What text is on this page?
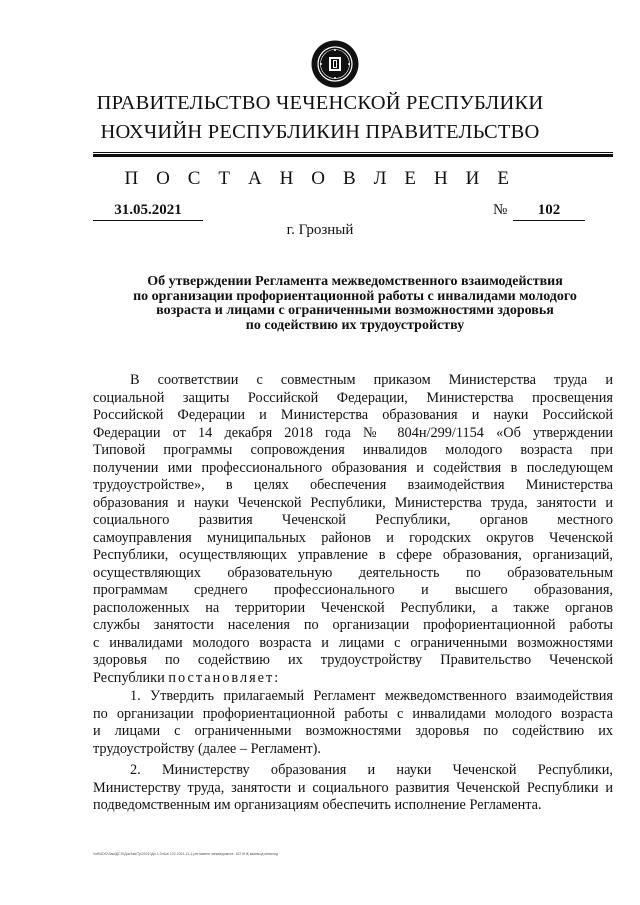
ПРАВИТЕЛЬСТВО ЧЕЧЕНСКОЙ РЕСПУБЛИКИ
НОХЧИЙН РЕСПУБЛИКИН ПРАВИТЕЛЬСТВО
П О С Т А Н О В Л Е Н И Е
31.05.2021	№	102
г. Грозный
Об утверждении Регламента межведомственного взаимодействия
по организации профориентационной работы с инвалидами молодого
возраста и лицами с ограниченными возможностями здоровья
по содействию их трудоустройству
В соответствии с совместным приказом Министерства труда и
социальной защиты Российской Федерации, Министерства просвещения
Российской Федерации и Министерства образования и науки Российской
Федерации от 14 декабря 2018 года № 804н/299/1154 «Об утверждении
Типовой программы сопровождения инвалидов молодого возраста при
получении ими профессионального образования и содействия в последующем
трудоустройстве», в целях обеспечения взаимодействия Министерства
образования и науки Чеченской Республики, Министерства труда, занятости и
социального развития Чеченской Республики, органов местного
самоуправления муниципальных районов и городских округов Чеченской
Республики, осуществляющих управление в сфере образования, организаций,
осуществляющих образовательную деятельность по образовательным
программам среднего профессионального и высшего образования,
расположенных на территории Чеченской Республики, а также органов
службы занятости населения по организации профориентационной работы
с инвалидами молодого возраста и лицами с ограниченными возможностями
здоровья по содействию их трудоустройству Правительство Чеченской
Республики постановляет:
1. Утвердить прилагаемый Регламент межведомственного взаимодействия
по организации профориентационной работы с инвалидами молодого возраста
и лицами с ограниченными возможностями здоровья по содействию их
трудоустройству (далее – Регламент).
2. Министерству образования и науки Чеченской Республики,
Министерству труда, занятости и социального развития Чеченской Республики и
подведомственным им организациям обеспечить исполнение Регламента.
\\ulf\UDO\Зам\ДСП\ДокЗав\Тр\2021\\Дн 1.3ч1м\ 102 2021-11-1-регламент межведомств. 102 КНК взаимод инвалид
